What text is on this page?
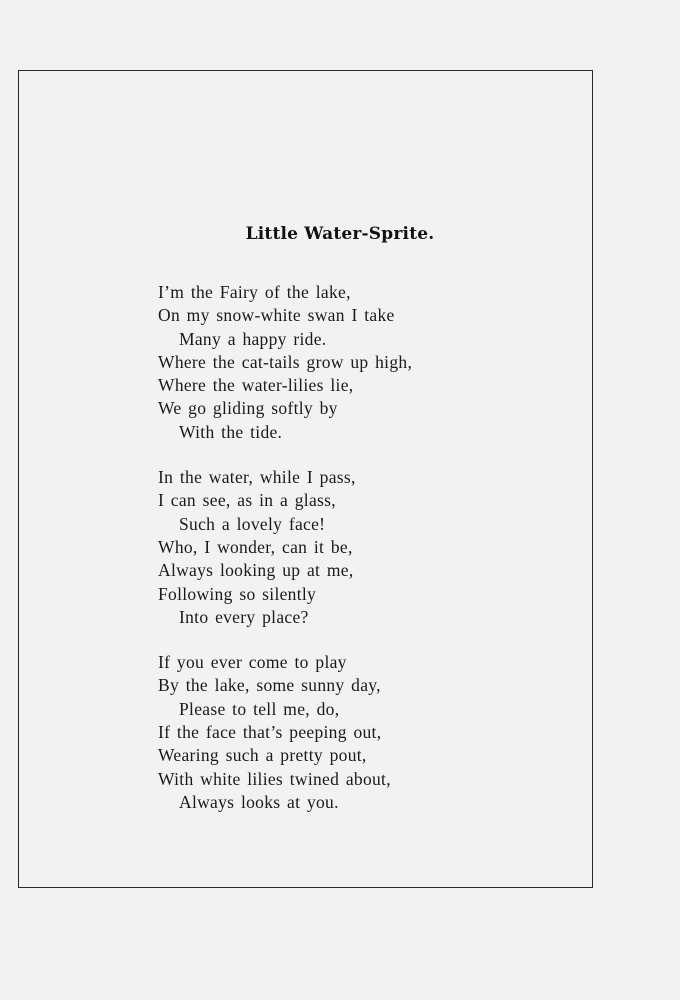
Little Water-Sprite.
I’m the Fairy of the lake,
On my snow-white swan I take
Many a happy ride.
Where the cat-tails grow up high,
Where the water-lilies lie,
We go gliding softly by
With the tide.
In the water, while I pass,
I can see, as in a glass,
Such a lovely face!
Who, I wonder, can it be,
Always looking up at me,
Following so silently
Into every place?
If you ever come to play
By the lake, some sunny day,
Please to tell me, do,
If the face that’s peeping out,
Wearing such a pretty pout,
With white lilies twined about,
Always looks at you.
